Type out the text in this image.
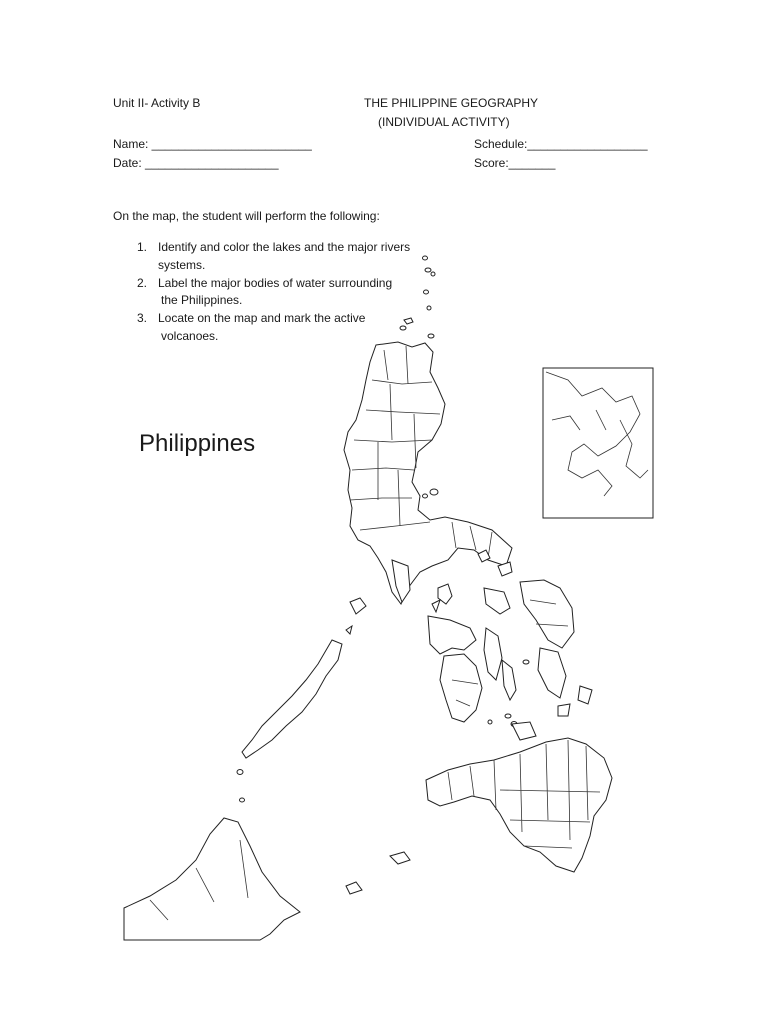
Unit II- Activity B	THE PHILIPPINE GEOGRAPHY
(INDIVIDUAL ACTIVITY)
Name: ________________________
Date: ____________________
Schedule:__________________
Score:_______
On the map, the student will perform the following:
1. Identify and color the lakes and the major rivers
systems.
2. Label the major bodies of water surrounding
the Philippines.
3. Locate on the map and mark the active
volcanoes.
Philippines
